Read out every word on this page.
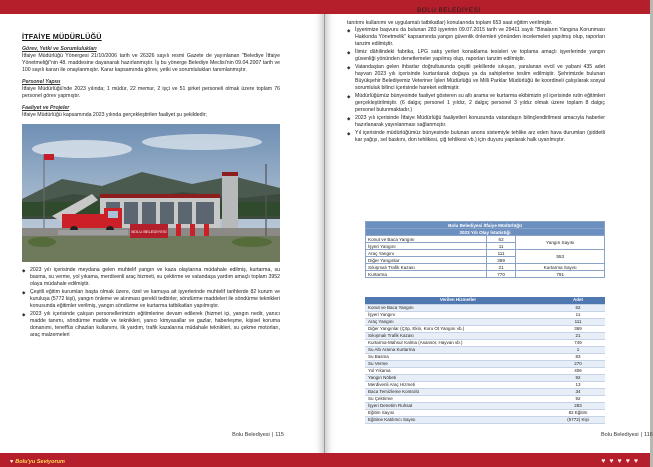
İTFAİYE MÜDÜRLÜĞÜ
Görev, Yetki ve Sorumlulukları
İtfaiye Müdürlüğü Yönergesi 21/10/2006 tarih ve 26326 sayılı resmi Gazete de yayınlanan "Belediye İtfaiye Yönetmeliği"nin 48. maddesine dayanarak hazırlanmıştır. İş bu yönerge Belediye Meclisi'nin 09.04.2007 tarih ve 100 sayılı kararı ile onaylanmıştır. Karar kapsamında görev, yetki ve sorumlulukları tanımlanmıştır.
Personel Yapısı
İtfaiye Müdürlüğü'nde 2023 yılında; 1 müdür, 22 memur, 2 işçi ve 51 şirket personeli olmak üzere toplam 76 personel görev yapmıştır.
Faaliyet ve Projeler
İtfaiye Müdürlüğü kapsamında 2023 yılında gerçekleştirilen faaliyet şu şekildedir;
BOLU BELEDİYESİ
◆ 2023 yılı içerisinde meydana gelen muhtelif yangın ve kaza olaylarına müdahale edilmiş, kurtarma, su basma, su verme, yol yıkama, merdivenli araç hizmeti, su çektirme ve vatandaşa yardım amaçlı toplam 3952 olaya müdahale edilmiştir.
◆ Çeşitli eğitim kurumları başta olmak üzere, özel ve kamuya ait işyerlerinde muhtelif tarihlerde 82 kurum ve kuruluşa (5772 kişi), yangın önleme ve alınması gerekli tedbirler, söndürme maddeleri ile söndürme teknikleri konusunda eğitimler verilmiş, yangın söndürme ve kurtarma tatbikatları yapılmıştır.
◆ 2023 yılı içerisinde çalışan personellerimizin eğitimlerine devam edilerek (hizmet içi, yangın nedir, yanıcı madde tanımı, söndürme madde ve teknikleri, yanıcı kimyasallar ve gazlar, haberleşme, kişisel koruma donanımı, teneffüs cihazları kullanımı, ilk yardım, trafik kazalarına müdahale teknikleri, su çekme motorları, araç malzemeleri
Bolu Belediyesi | 115
♥ Bolu'yu Seviyorum
BOLU BELEDİYESİ | FAALİYET RAPORU 2023
tanıtımı kullanımı ve uygulamalı tatbikatlar) konularında toplam 653 saat eğitim verilmiştir.
◆ İşyerimize başvuru da bulunan 283 işyerinin 09.07.2015 tarih ve 29411 sayılı "Binaların Yangına Korunması Hakkında Yönetmelik" kapsamında yangın güvenlik önlemleri yönünden incelemeleri yapılmış olup, raporları tanzim edilmiştir.
◆ İlimiz dâhilindeki fabrika, LPG satış yerleri konaklama tesisleri ve toplama amaçlı işyerlerinde yangın güvenliği yönünden denetlemeler yapılmış olup, raporları tanzim edilmiştir.
◆ Vatandaştan gelen ihbarlar doğrultusunda çeşitli şekillerde sıkışan, yaralanan evcil ve yabani 435 adet hayvan 2023 yılı içerisinde kurtarılarak doğaya ya da sahiplerine teslim edilmiştir. Şehrimizde bulunan Büyükşehir Belediyemiz Veteriner İşleri Müdürlüğü ve Milli Parklar Müdürlüğü ile koordineli çalışılarak sosyal sorumluluk bilinci içerisinde hareket edilmiştir.
◆ Müdürlüğümüz bünyesinde faaliyet gösteren su altı arama ve kurtarma ekibimizin yıl içerisinde rutin eğitimleri gerçekleştirilmiştir. (6 dalgıç personel 1 yıldız, 2 dalgıç personel 3 yıldız olmak üzere toplam 8 dalgıç personel bulunmaktadır.)
◆ 2023 yılı içerisinde İtfaiye Müdürlüğü faaliyetleri konusunda vatandaşın bilinçlendirilmesi amacıyla haberler hazırlanarak yayınlanması sağlanmıştır.
◆ Yıl içerisinde müdürlüğümüz bünyesinde bulunan anons sistemiyle tehlike arz eden hava durumları (şiddetli kar yağışı, sel baskını, don tehlikesi, çiğ tehlikesi vb.) için duyuru yapılarak halk uyarılmıştır.
Bolu Belediyesi İtfaiye Müdürlüğü		
2023 Yılı Olay İstatistiği		
Konut ve Baca Yangını	62	Yangın Sayısı
İşyeri Yangını	11	
Araç Yangını	111	553
Diğer Yangınlar	369	
Sıkışmalı Trafik Kazası	21	Kurtarma Sayısı
Kurtarma	770	791
Verilen Hizmetler	Adet
Konut ve Baca Yangını	62
İşyeri Yangını	11
Araç Yangını	111
Diğer Yangınlar (Çöp, Ekin, Koru Ot Yangını vb.)	369
Sıkışmalı Trafik Kazası	21
Kurtarma-Mahsur Kalma (Asansör, Hayvan vb.)	749
Su Altı Arama Kurtarma	1
Su Basma	83
Su Verme	270
Yol Yıkama	406
Yangın Nöbeti	92
Merdivenli Araç Hizmeti	13
Baca Temizleme Kontrolü	34
Su Çektirme	92
İşyeri Denetim Ruhsat	283
Eğitim Sayısı	82 Eğitim
Eğitime Katılımcı Sayısı	(5772) Kişi
Bolu Belediyesi | 116
♥♥♥♥♥
